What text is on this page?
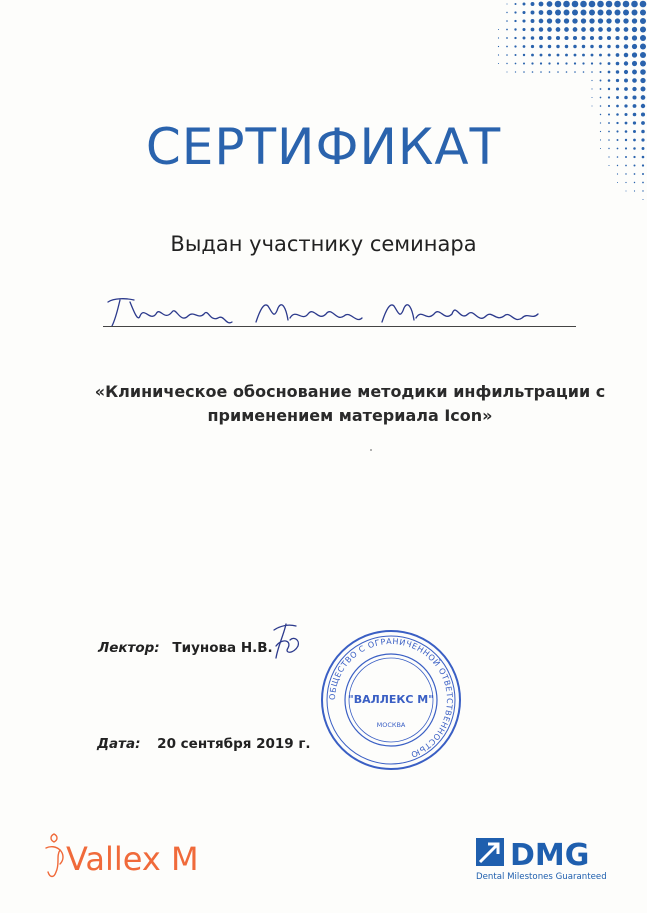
СЕРТИФИКАТ
Выдан участнику семинара
«Клиническое обоснование методики инфильтрации с
применением материала Icon»
Лектор: Тиунова Н.В.
ОБЩЕСТВО С ОГРАНИЧЕННОЙ ОТВЕТСТВЕННОСТЬЮ
"ВАЛЛЕКС М"
МОСКВА
Дата: 20 сентября 2019 г.
Vallex M	DMG
Dental Milestones Guaranteed
